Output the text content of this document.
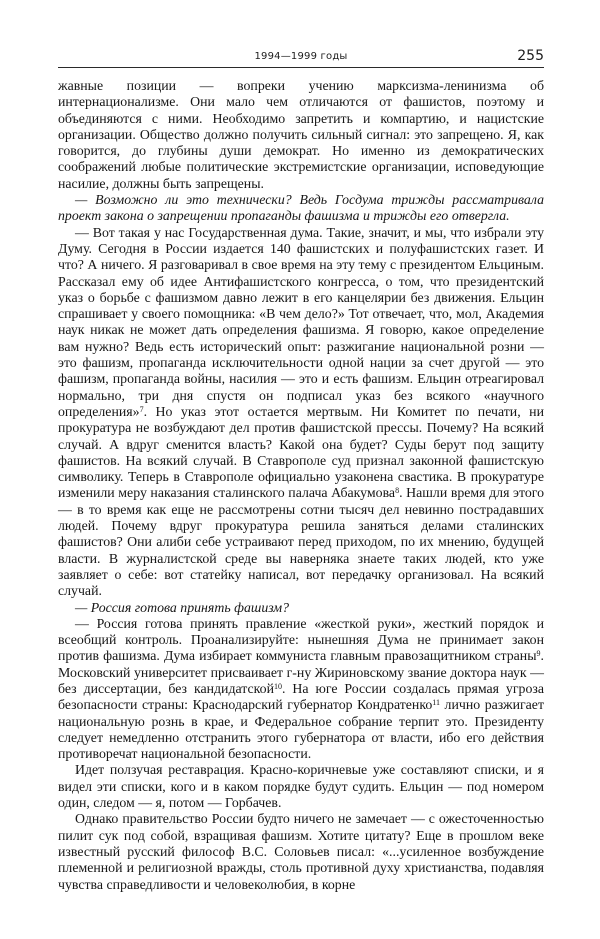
1994—1999 годы	255

жавные позиции — вопреки учению марксизма-ленинизма об интернационализме. Они мало чем отличаются от фашистов, поэтому и объединяются с ними. Необходимо запретить и компартию, и нацистские организации. Общество должно получить сильный сигнал: это запрещено. Я, как говорится, до глубины души демократ. Но именно из демократических соображений любые политические экстремистские организации, исповедующие насилие, должны быть запрещены.

— Возможно ли это технически? Ведь Госдума трижды рассматривала проект закона о запрещении пропаганды фашизма и трижды его отвергла.

— Вот такая у нас Государственная дума. Такие, значит, и мы, что избрали эту Думу. Сегодня в России издается 140 фашистских и полуфашистских газет. И что? А ничего. Я разговаривал в свое время на эту тему с президентом Ельциным. Рассказал ему об идее Антифашистского конгресса, о том, что президентский указ о борьбе с фашизмом давно лежит в его канцелярии без движения. Ельцин спрашивает у своего помощника: «В чем дело?» Тот отвечает, что, мол, Академия наук никак не может дать определения фашизма. Я говорю, какое определение вам нужно? Ведь есть исторический опыт: разжигание национальной розни — это фашизм, пропаганда исключительности одной нации за счет другой — это фашизм, пропаганда войны, насилия — это и есть фашизм. Ельцин отреагировал нормально, три дня спустя он подписал указ без всякого «научного определения»$^7$. Но указ этот остается мертвым. Ни Комитет по печати, ни прокуратура не возбуждают дел против фашистской прессы. Почему? На всякий случай. А вдруг сменится власть? Какой она будет? Суды берут под защиту фашистов. На всякий случай. В Ставрополе суд признал законной фашистскую символику. Теперь в Ставрополе официально узаконена свастика. В прокуратуре изменили меру наказания сталинского палача Абакумова$^8$. Нашли время для этого — в то время как еще не рассмотрены сотни тысяч дел невинно пострадавших людей. Почему вдруг прокуратура решила заняться делами сталинских фашистов? Они алиби себе устраивают перед приходом, по их мнению, будущей власти. В журналистской среде вы наверняка знаете таких людей, кто уже заявляет о себе: вот статейку написал, вот передачку организовал. На всякий случай.

— Россия готова принять фашизм?

— Россия готова принять правление «жесткой руки», жесткий порядок и всеобщий контроль. Проанализируйте: нынешняя Дума не принимает закон против фашизма. Дума избирает коммуниста главным правозащитником страны$^9$. Московский университет присваивает г-ну Жириновскому звание доктора наук — без диссертации, без кандидатской$^{10}$. На юге России создалась прямая угроза безопасности страны: Краснодарский губернатор Кондратенко$^{11}$ лично разжигает национальную рознь в крае, и Федеральное собрание терпит это. Президенту следует немедленно отстранить этого губернатора от власти, ибо его действия противоречат национальной безопасности.

Идет ползучая реставрация. Красно-коричневые уже составляют списки, и я видел эти списки, кого и в каком порядке будут судить. Ельцин — под номером один, следом — я, потом — Горбачев.

Однако правительство России будто ничего не замечает — с ожесточенностью пилит сук под собой, взращивая фашизм. Хотите цитату? Еще в прошлом веке известный русский философ В.С. Соловьев писал: «...усиленное возбуждение племенной и религиозной вражды, столь противной духу христианства, подавляя чувства справедливости и человеколюбия, в корне
